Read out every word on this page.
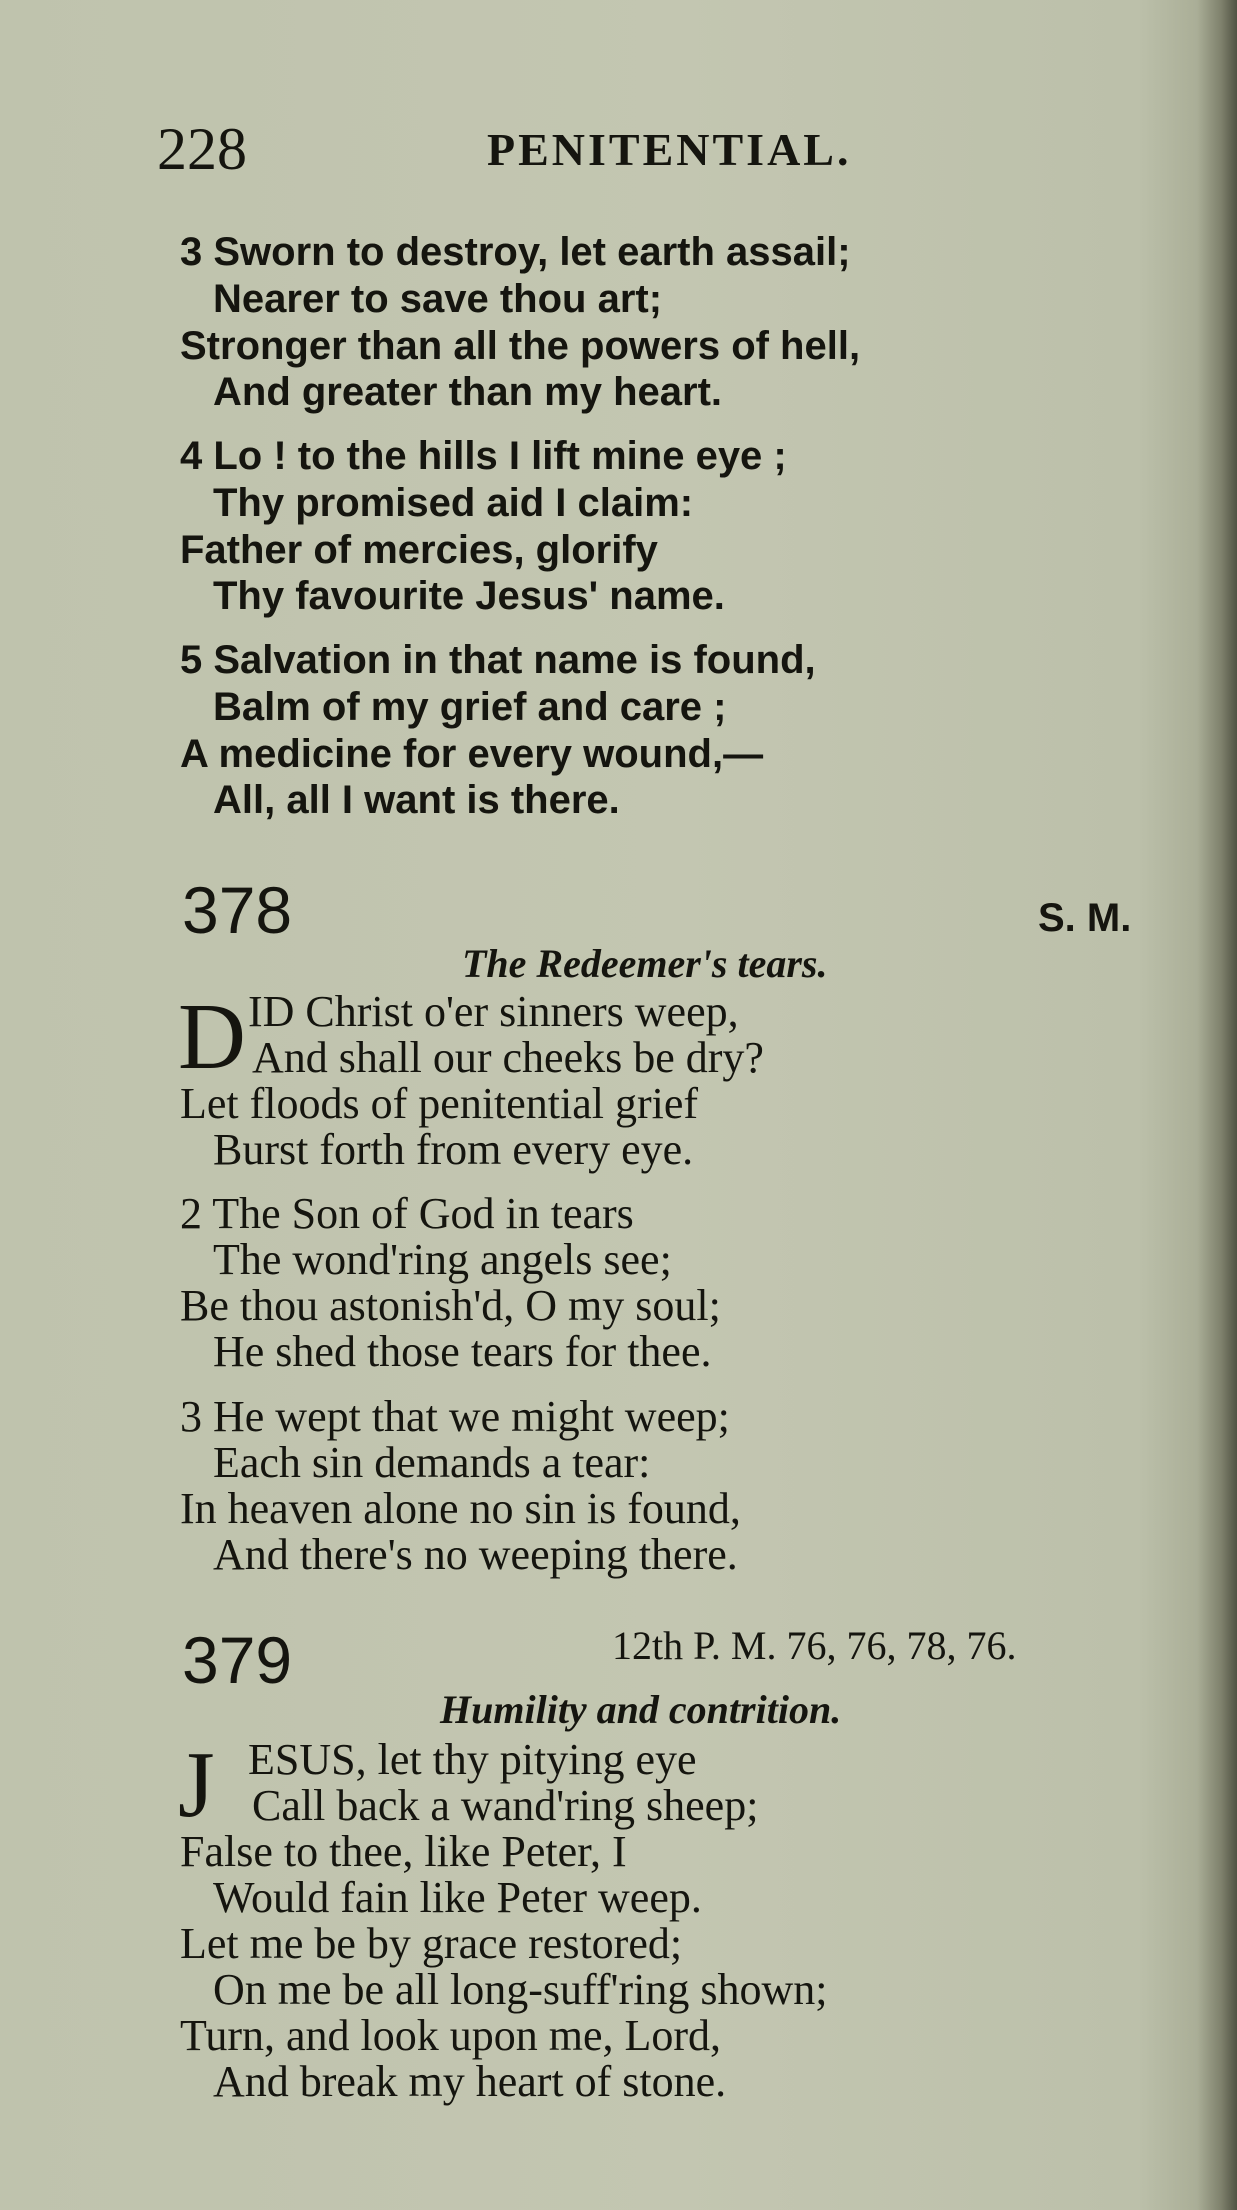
228	PENITENTIAL.
3 Sworn to destroy, let earth assail;
Nearer to save thou art;
Stronger than all the powers of hell,
And greater than my heart.
4 Lo ! to the hills I lift mine eye ;
Thy promised aid I claim:
Father of mercies, glorify
Thy favourite Jesus' name.
5 Salvation in that name is found,
Balm of my grief and care ;
A medicine for every wound,—
All, all I want is there.
378	S. M.
The Redeemer's tears.
D ID Christ o'er sinners weep,
And shall our cheeks be dry?
Let floods of penitential grief
Burst forth from every eye.
2 The Son of God in tears
The wond'ring angels see;
Be thou astonish'd, O my soul;
He shed those tears for thee.
3 He wept that we might weep;
Each sin demands a tear:
In heaven alone no sin is found,
And there's no weeping there.
379	12th P. M. 76, 76, 78, 76.
Humility and contrition.
J ESUS, let thy pitying eye
Call back a wand'ring sheep;
False to thee, like Peter, I
Would fain like Peter weep.
Let me be by grace restored;
On me be all long-suff'ring shown;
Turn, and look upon me, Lord,
And break my heart of stone.
